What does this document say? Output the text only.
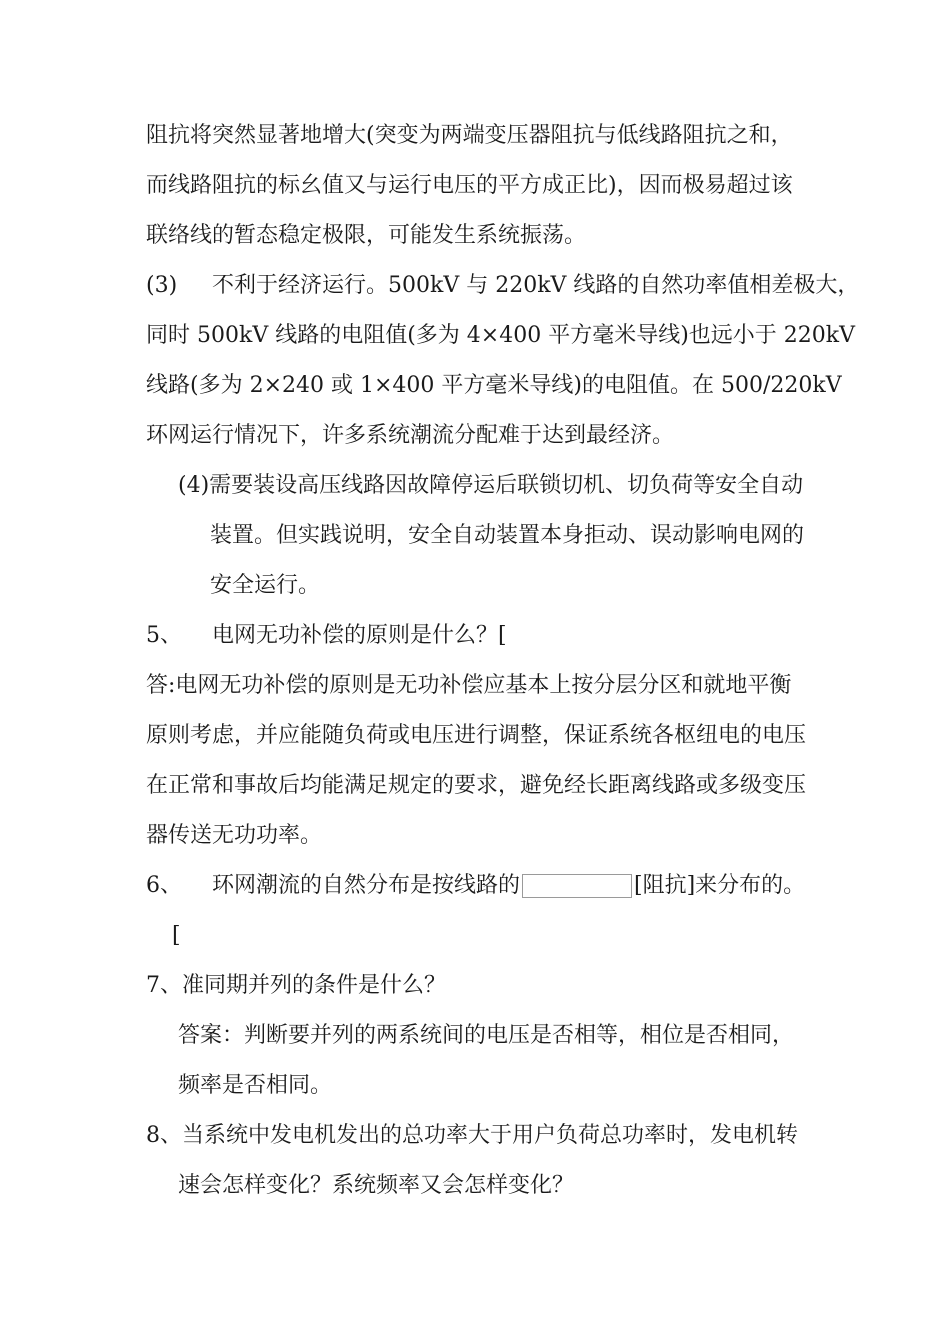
阻抗将突然显著地增大(突变为两端变压器阻抗与低线路阻抗之和，
而线路阻抗的标幺值又与运行电压的平方成正比)，因而极易超过该
联络线的暂态稳定极限，可能发生系统振荡。
(3) 不利于经济运行。500kV 与 220kV 线路的自然功率值相差极大，
同时 500kV 线路的电阻值(多为 4×400 平方毫米导线)也远小于 220kV
线路(多为 2×240 或 1×400 平方毫米导线)的电阻值。在 500/220kV
环网运行情况下，许多系统潮流分配难于达到最经济。
(4)需要装设高压线路因故障停运后联锁切机、切负荷等安全自动
装置。但实践说明，安全自动装置本身拒动、误动影响电网的
安全运行。
5、 电网无功补偿的原则是什么？[
答:电网无功补偿的原则是无功补偿应基本上按分层分区和就地平衡
原则考虑，并应能随负荷或电压进行调整，保证系统各枢纽电的电压
在正常和事故后均能满足规定的要求，避免经长距离线路或多级变压
器传送无功功率。
6、 环网潮流的自然分布是按线路的	[阻抗]来分布的。
[
7、准同期并列的条件是什么？
答案：判断要并列的两系统间的电压是否相等，相位是否相同，
频率是否相同。
8、当系统中发电机发出的总功率大于用户负荷总功率时，发电机转
速会怎样变化？系统频率又会怎样变化？
